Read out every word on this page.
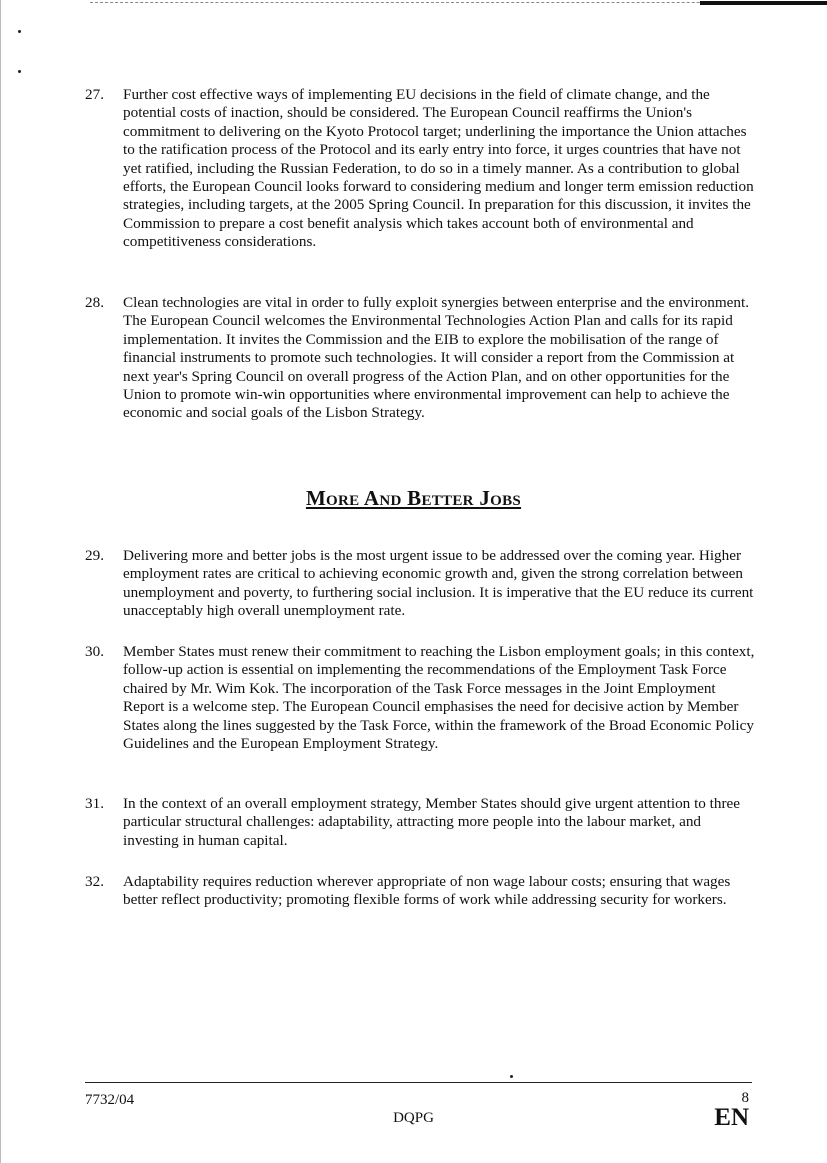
27.	Further cost effective ways of implementing EU decisions in the field of climate change, and the potential costs of inaction, should be considered. The European Council reaffirms the Union's commitment to delivering on the Kyoto Protocol target; underlining the importance the Union attaches to the ratification process of the Protocol and its early entry into force, it urges countries that have not yet ratified, including the Russian Federation, to do so in a timely manner. As a contribution to global efforts, the European Council looks forward to considering medium and longer term emission reduction strategies, including targets, at the 2005 Spring Council. In preparation for this discussion, it invites the Commission to prepare a cost benefit analysis which takes account both of environmental and competitiveness considerations.
28.	Clean technologies are vital in order to fully exploit synergies between enterprise and the environment. The European Council welcomes the Environmental Technologies Action Plan and calls for its rapid implementation. It invites the Commission and the EIB to explore the mobilisation of the range of financial instruments to promote such technologies. It will consider a report from the Commission at next year's Spring Council on overall progress of the Action Plan, and on other opportunities for the Union to promote win-win opportunities where environmental improvement can help to achieve the economic and social goals of the Lisbon Strategy.
More And Better Jobs
29.	Delivering more and better jobs is the most urgent issue to be addressed over the coming year. Higher employment rates are critical to achieving economic growth and, given the strong correlation between unemployment and poverty, to furthering social inclusion. It is imperative that the EU reduce its current unacceptably high overall unemployment rate.
30.	Member States must renew their commitment to reaching the Lisbon employment goals; in this context, follow-up action is essential on implementing the recommendations of the Employment Task Force chaired by Mr. Wim Kok. The incorporation of the Task Force messages in the Joint Employment Report is a welcome step. The European Council emphasises the need for decisive action by Member States along the lines suggested by the Task Force, within the framework of the Broad Economic Policy Guidelines and the European Employment Strategy.
31.	In the context of an overall employment strategy, Member States should give urgent attention to three particular structural challenges: adaptability, attracting more people into the labour market, and investing in human capital.
32.	Adaptability requires reduction wherever appropriate of non wage labour costs; ensuring that wages better reflect productivity; promoting flexible forms of work while addressing security for workers.
7732/04
DQPG
8
EN
